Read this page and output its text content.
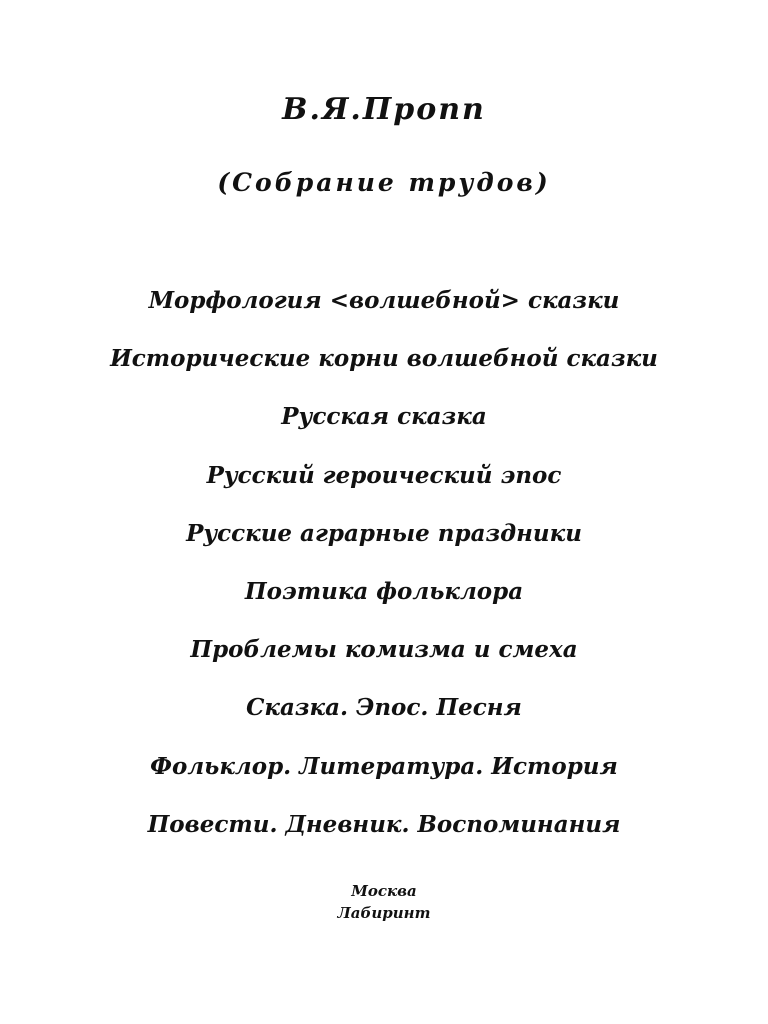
В.Я.Пропп
(Собрание трудов)
Морфология <волшебной> сказки
Исторические корни волшебной сказки
Русская сказка
Русский героический эпос
Русские аграрные праздники
Поэтика фольклора
Проблемы комизма и смеха
Сказка. Эпос. Песня
Фольклор. Литература. История
Повести. Дневник. Воспоминания
Москва
Лабиринт
